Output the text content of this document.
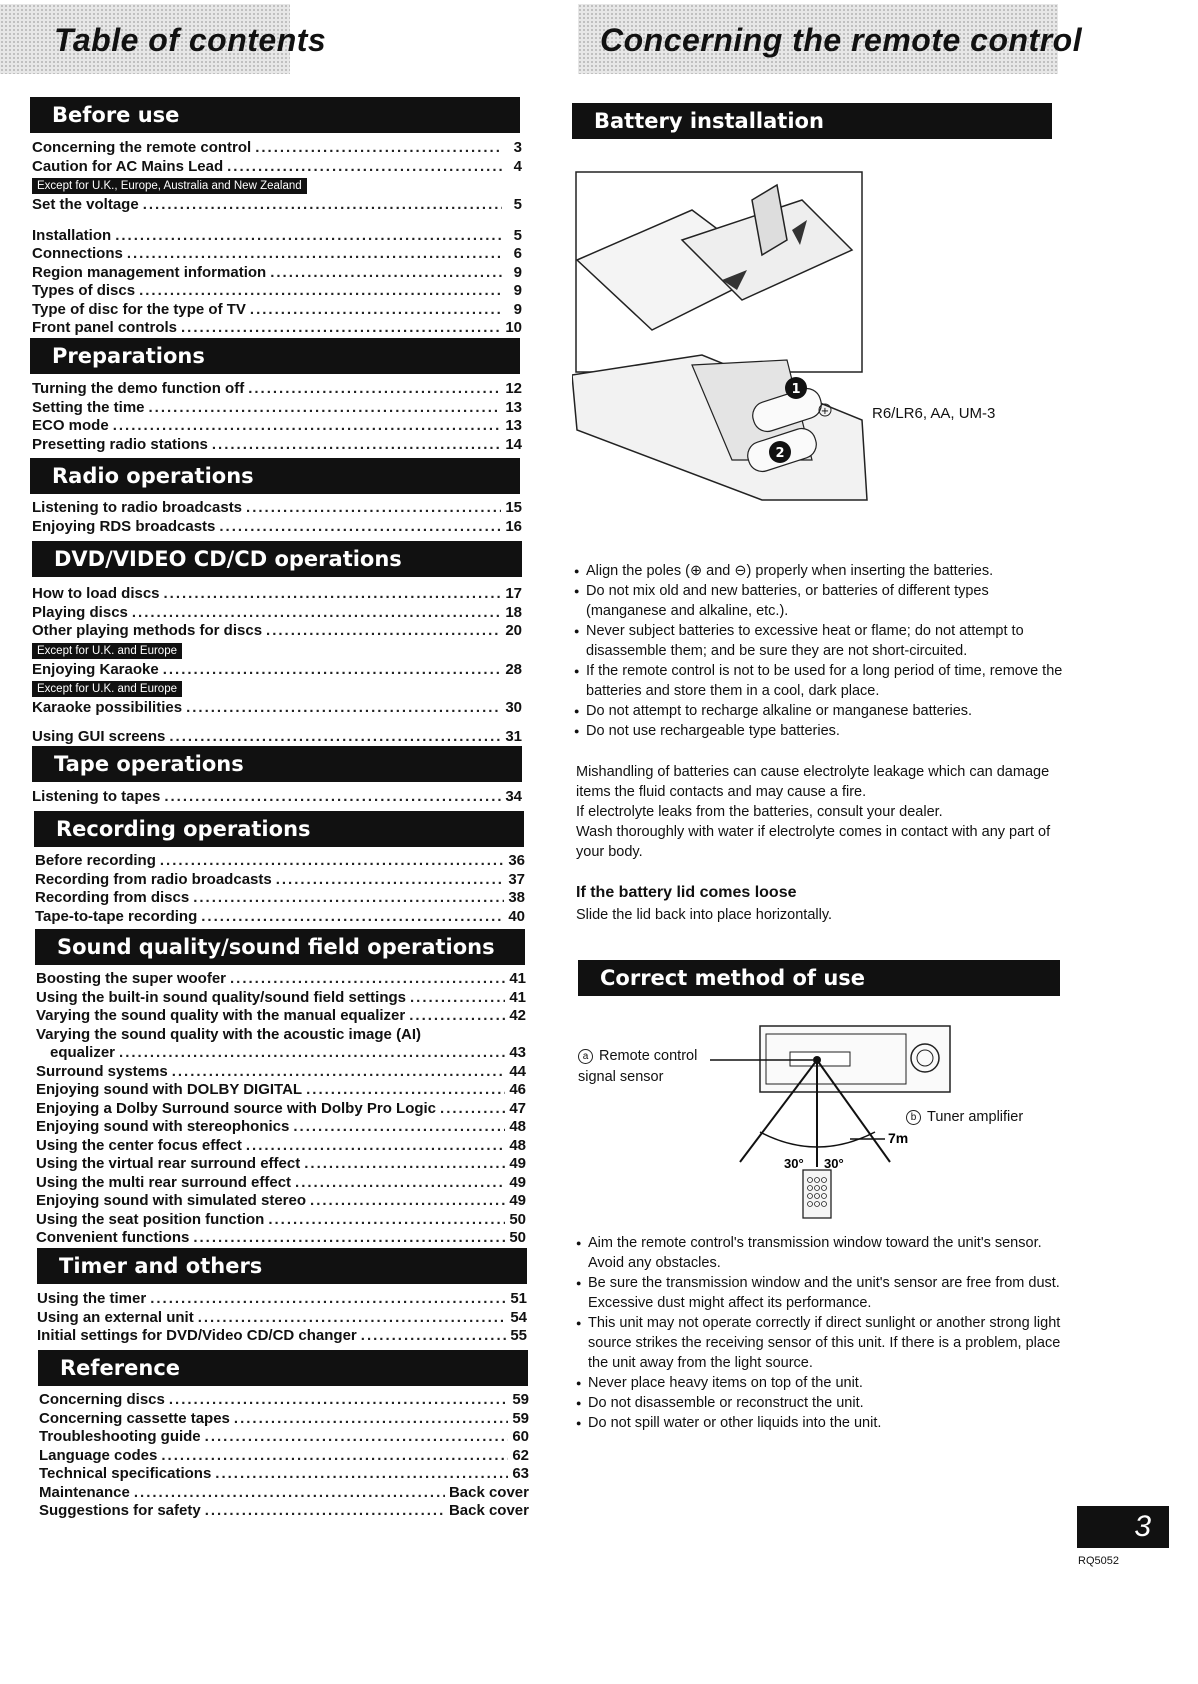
Table of contents	Concerning the remote control
Before use
Concerning the remote control .....	3
Caution for AC Mains Lead .....	4
Except for U.K., Europe, Australia and New Zealand
Set the voltage .....	5
Installation .....	5
Connections .....	6
Region management information .....	9
Types of discs .....	9
Type of disc for the type of TV .....	9
Front panel controls .....	10
Preparations
Turning the demo function off .....	12
Setting the time .....	13
ECO mode .....	13
Presetting radio stations .....	14
Radio operations
Listening to radio broadcasts .....	15
Enjoying RDS broadcasts .....	16
DVD/VIDEO CD/CD operations
How to load discs .....	17
Playing discs .....	18
Other playing methods for discs .....	20
Except for U.K. and Europe
Enjoying Karaoke .....	28
Except for U.K. and Europe
Karaoke possibilities .....	30
Using GUI screens .....	31
Tape operations
Listening to tapes .....	34
Recording operations
Before recording .....	36
Recording from radio broadcasts .....	37
Recording from discs .....	38
Tape-to-tape recording .....	40
Sound quality/sound field operations
Boosting the super woofer .....	41
Using the built-in sound quality/sound field settings .....	41
Varying the sound quality with the manual equalizer .....	42
Varying the sound quality with the acoustic image (AI)
equalizer .....	43
Surround systems .....	44
Enjoying sound with DOLBY DIGITAL .....	46
Enjoying a Dolby Surround source with Dolby Pro Logic .....	47
Enjoying sound with stereophonics .....	48
Using the center focus effect .....	48
Using the virtual rear surround effect .....	49
Using the multi rear surround effect .....	49
Enjoying sound with simulated stereo .....	49
Using the seat position function .....	50
Convenient functions .....	50
Timer and others
Using the timer .....	51
Using an external unit .....	54
Initial settings for DVD/Video CD/CD changer .....	55
Reference
Concerning discs .....	59
Concerning cassette tapes .....	59
Troubleshooting guide .....	60
Language codes .....	62
Technical specifications .....	63
Maintenance .....	Back cover
Suggestions for safety .....	Back cover
Battery installation
1
2
+	R6/LR6, AA, UM-3
● Align the poles (⊕ and ⊖) properly when inserting the batteries.
● Do not mix old and new batteries, or batteries of different types (manganese and alkaline, etc.).
● Never subject batteries to excessive heat or flame; do not attempt to disassemble them; and be sure they are not short-circuited.
● If the remote control is not to be used for a long period of time, remove the batteries and store them in a cool, dark place.
● Do not attempt to recharge alkaline or manganese batteries.
● Do not use rechargeable type batteries.
Mishandling of batteries can cause electrolyte leakage which can damage items the fluid contacts and may cause a fire.
If electrolyte leaks from the batteries, consult your dealer.
Wash thoroughly with water if electrolyte comes in contact with any part of your body.
If the battery lid comes loose
Slide the lid back into place horizontally.
Correct method of use
7m
30° 30°
a Remote control signal sensor
b Tuner amplifier
● Aim the remote control's transmission window toward the unit's sensor. Avoid any obstacles.
● Be sure the transmission window and the unit's sensor are free from dust. Excessive dust might affect its performance.
● This unit may not operate correctly if direct sunlight or another strong light source strikes the receiving sensor of this unit. If there is a problem, place the unit away from the light source.
● Never place heavy items on top of the unit.
● Do not disassemble or reconstruct the unit.
● Do not spill water or other liquids into the unit.
3
RQ5052
